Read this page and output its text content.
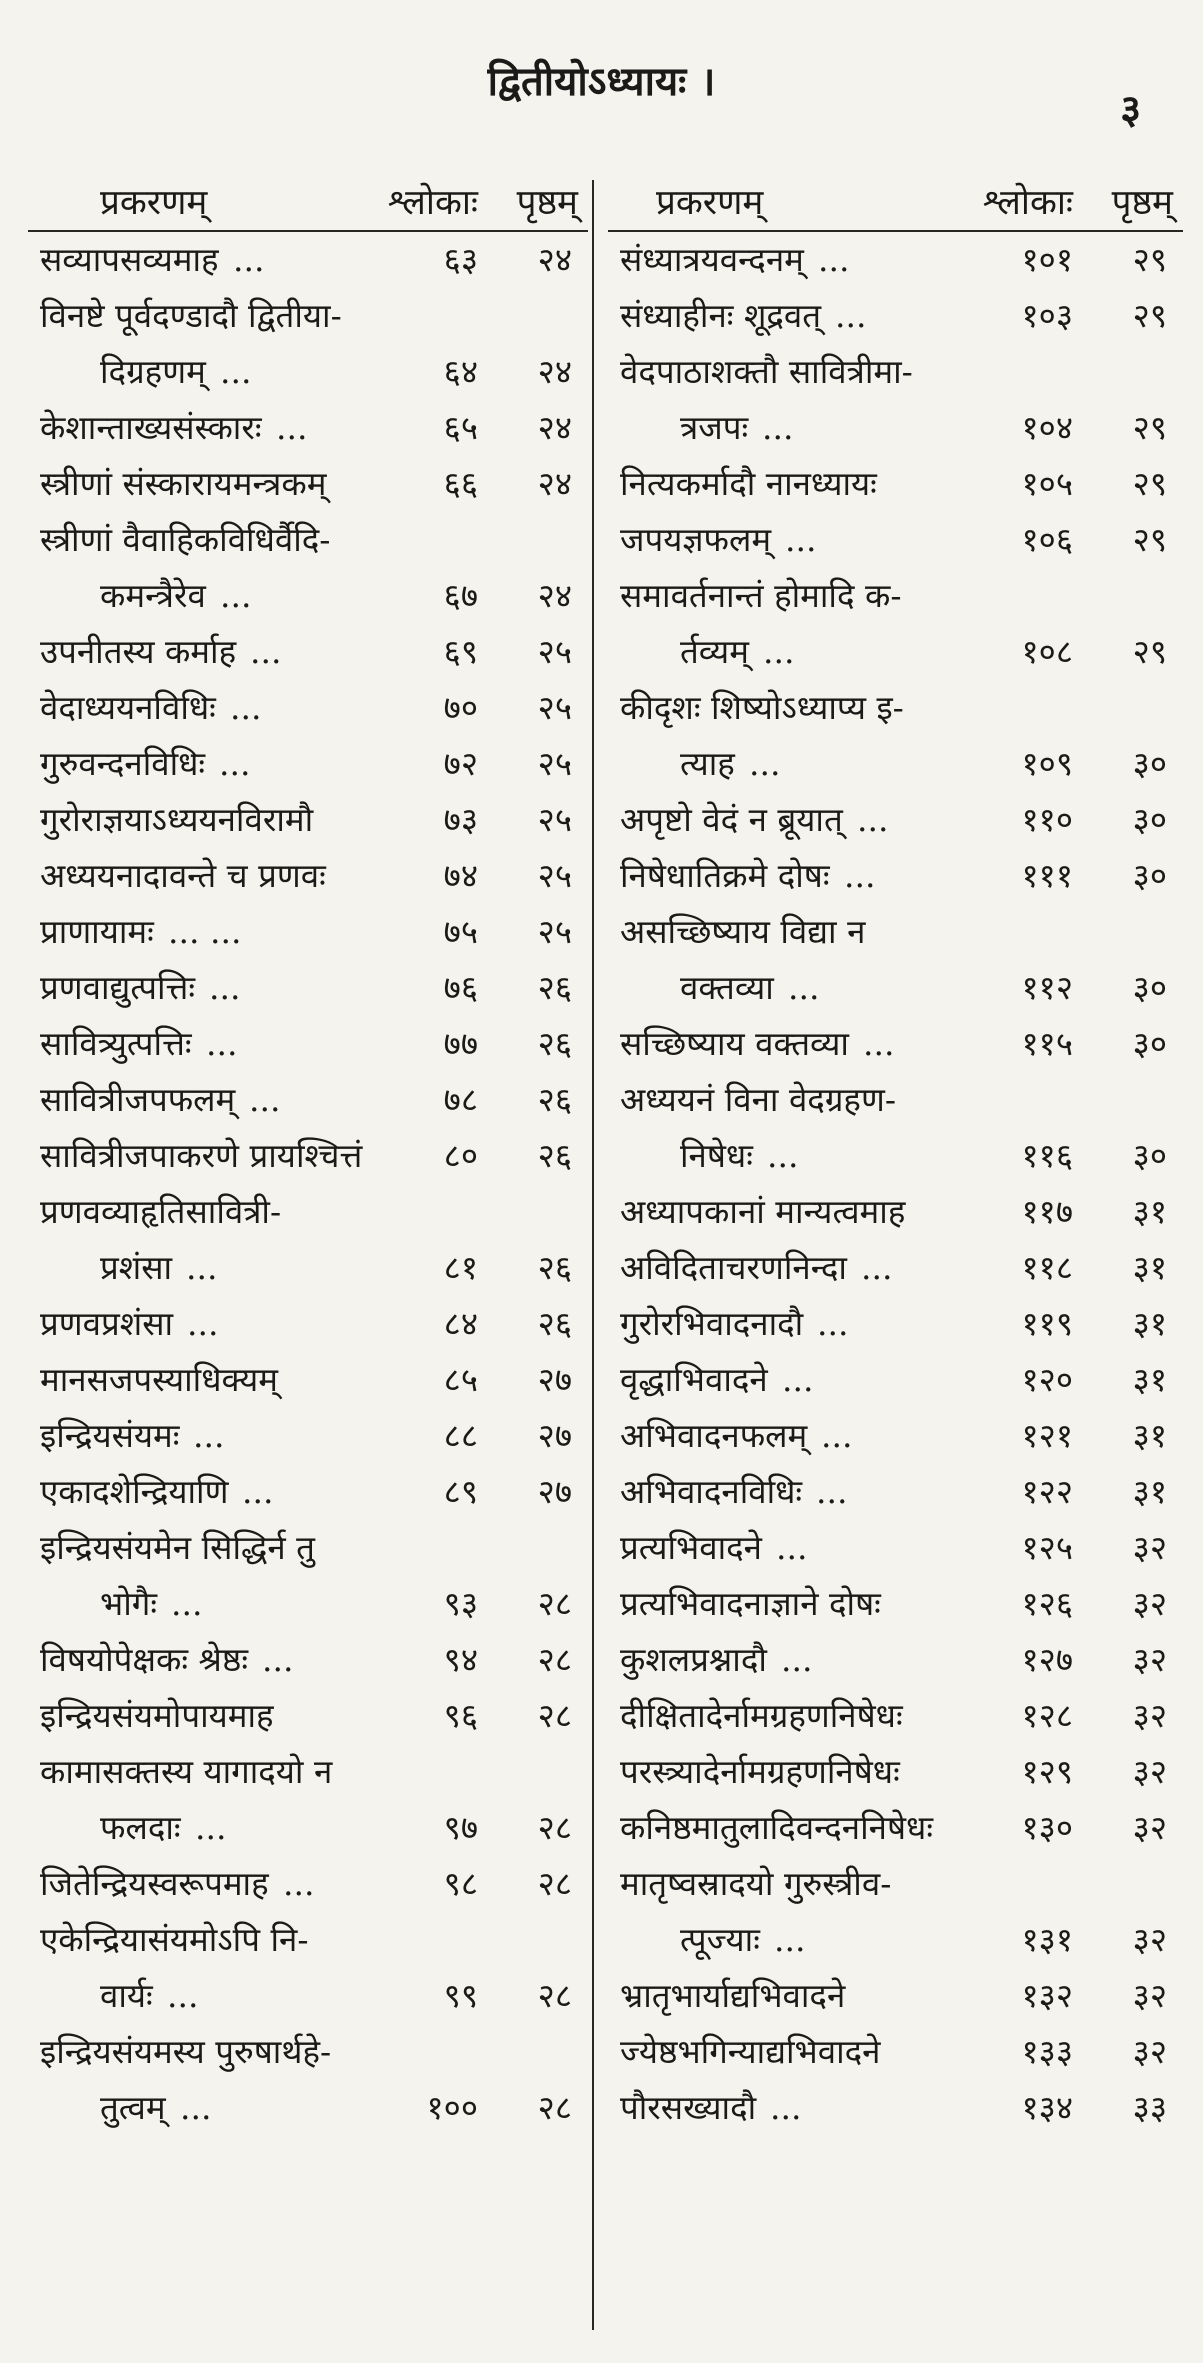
द्वितीयोऽध्यायः ।
३
प्रकरणम्	श्लोकाः पृष्ठम्
सव्यापसव्यमाह ...	६३ २४
विनष्टे पूर्वदण्डादौ द्वितीया-
दिग्रहणम् ...	६४ २४
केशान्ताख्यसंस्कारः ...	६५ २४
स्त्रीणां संस्कारायमन्त्रकम्	६६ २४
स्त्रीणां वैवाहिकविधिर्वैदि-
कमन्त्रैरेव ...	६७ २४
उपनीतस्य कर्माह ...	६९ २५
वेदाध्ययनविधिः ...	७० २५
गुरुवन्दनविधिः ...	७२ २५
गुरोराज्ञयाऽध्ययनविरामौ	७३ २५
अध्ययनादावन्ते च प्रणवः	७४ २५
प्राणायामः ... ...	७५ २५
प्रणवाद्युत्पत्तिः ...	७६ २६
सावित्र्युत्पत्तिः ...	७७ २६
सावित्रीजपफलम् ...	७८ २६
सावित्रीजपाकरणे प्रायश्चित्तं ८० २६
प्रणवव्याहृतिसावित्री-
प्रशंसा ...	८१ २६
प्रणवप्रशंसा ...	८४ २६
मानसजपस्याधिक्यम्	८५ २७
इन्द्रियसंयमः ...	८८ २७
एकादशेन्द्रियाणि ...	८९ २७
इन्द्रियसंयमेन सिद्धिर्न तु
भोगैः ...	९३ २८
विषयोपेक्षकः श्रेष्ठः ...	९४ २८
इन्द्रियसंयमोपायमाह	९६ २८
कामासक्तस्य यागादयो न
फलदाः ...	९७ २८
जितेन्द्रियस्वरूपमाह ...	९८ २८
एकेन्द्रियासंयमोऽपि नि-
वार्यः ...	९९ २८
इन्द्रियसंयमस्य पुरुषार्थहे-
तुत्वम् ...	१०० २८
प्रकरणम्	श्लोकाः पृष्ठम्
संध्यात्रयवन्दनम् ...	१०१ २९
संध्याहीनः शूद्रवत् ...	१०३ २९
वेदपाठाशक्तौ सावित्रीमा-
त्रजपः ...	१०४ २९
नित्यकर्मादौ नानध्यायः	१०५ २९
जपयज्ञफलम् ...	१०६ २९
समावर्तनान्तं होमादि क-
र्तव्यम् ...	१०८ २९
कीदृशः शिष्योऽध्याप्य इ-
त्याह ...	१०९ ३०
अपृष्टो वेदं न ब्रूयात् ...	११० ३०
निषेधातिक्रमे दोषः ...	१११ ३०
असच्छिष्याय विद्या न
वक्तव्या ...	११२ ३०
सच्छिष्याय वक्तव्या ...	११५ ३०
अध्ययनं विना वेदग्रहण-
निषेधः ...	११६ ३०
अध्यापकानां मान्यत्वमाह	११७ ३१
अविदिताचरणनिन्दा ...	११८ ३१
गुरोरभिवादनादौ ...	११९ ३१
वृद्धाभिवादने ...	१२० ३१
अभिवादनफलम् ...	१२१ ३१
अभिवादनविधिः ...	१२२ ३१
प्रत्यभिवादने ...	१२५ ३२
प्रत्यभिवादनाज्ञाने दोषः	१२६ ३२
कुशलप्रश्नादौ ...	१२७ ३२
दीक्षितादेर्नामग्रहणनिषेधः	१२८ ३२
परस्त्र्यादेर्नामग्रहणनिषेधः	१२९ ३२
कनिष्ठमातुलादिवन्दननिषेधः	१३० ३२
मातृष्वस्रादयो गुरुस्त्रीव-
त्पूज्याः ...	१३१ ३२
भ्रातृभार्याद्यभिवादने	१३२ ३२
ज्येष्ठभगिन्याद्यभिवादने	१३३ ३२
पौरसख्यादौ ...	१३४ ३३
